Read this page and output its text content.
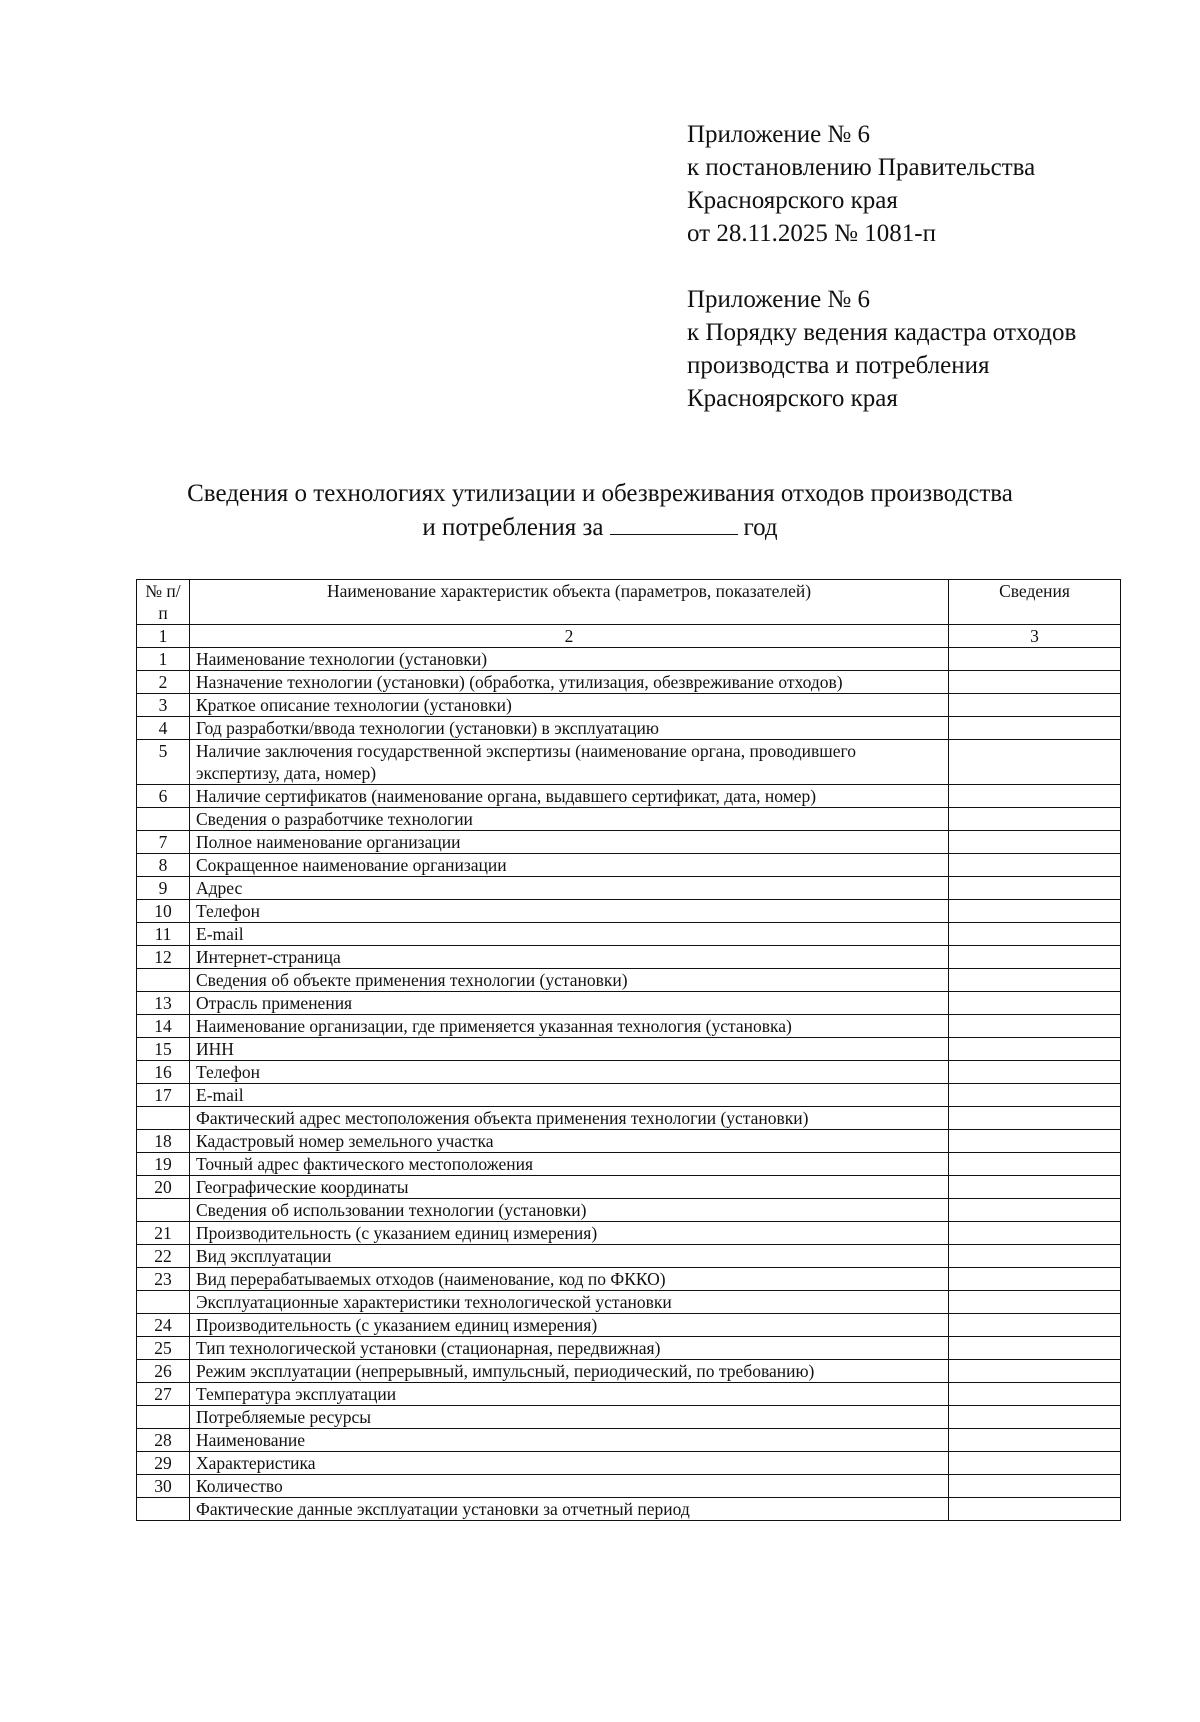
Приложение № 6
к постановлению Правительства
Красноярского края
от 28.11.2025 № 1081-п
Приложение № 6
к Порядку ведения кадастра отходов
производства и потребления
Красноярского края
Сведения о технологиях утилизации и обезвреживания отходов производства
и потребления за	год
№ п/п	Наименование характеристик объекта (параметров, показателей)	Сведения
1	2	3
1	Наименование технологии (установки)	
2	Назначение технологии (установки) (обработка, утилизация, обезвреживание отходов)	
3	Краткое описание технологии (установки)	
4	Год разработки/ввода технологии (установки) в эксплуатацию	
5	Наличие заключения государственной экспертизы (наименование органа, проводившего экспертизу, дата, номер)	
6	Наличие сертификатов (наименование органа, выдавшего сертификат, дата, номер)	
	Сведения о разработчике технологии	
7	Полное наименование организации	
8	Сокращенное наименование организации	
9	Адрес	
10	Телефон	
11	E-mail	
12	Интернет-страница	
	Сведения об объекте применения технологии (установки)	
13	Отрасль применения	
14	Наименование организации, где применяется указанная технология (установка)	
15	ИНН	
16	Телефон	
17	E-mail	
	Фактический адрес местоположения объекта применения технологии (установки)	
18	Кадастровый номер земельного участка	
19	Точный адрес фактического местоположения	
20	Географические координаты	
	Сведения об использовании технологии (установки)	
21	Производительность (с указанием единиц измерения)	
22	Вид эксплуатации	
23	Вид перерабатываемых отходов (наименование, код по ФККО)	
	Эксплуатационные характеристики технологической установки	
24	Производительность (с указанием единиц измерения)	
25	Тип технологической установки (стационарная, передвижная)	
26	Режим эксплуатации (непрерывный, импульсный, периодический, по требованию)	
27	Температура эксплуатации	
	Потребляемые ресурсы	
28	Наименование	
29	Характеристика	
30	Количество	
	Фактические данные эксплуатации установки за отчетный период	
